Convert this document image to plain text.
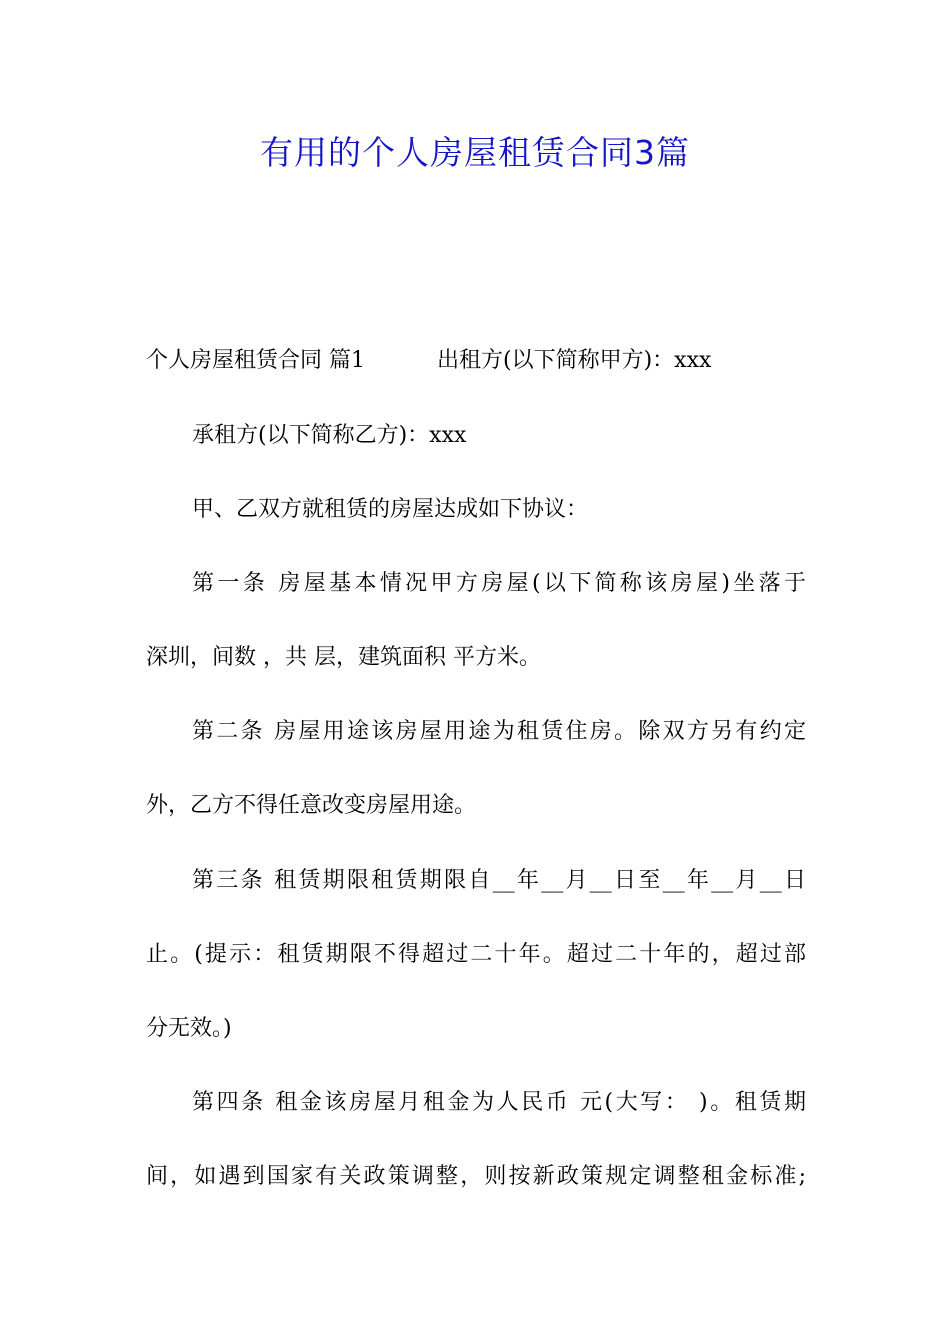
有用的个人房屋租赁合同3篇
个人房屋租赁合同 篇1	出租方(以下简称甲方)：xxx
承租方(以下简称乙方)：xxx
甲、乙双方就租赁的房屋达成如下协议：
第一条 房屋基本情况甲方房屋(以下简称该房屋)坐落于
深圳，间数 ，共 层，建筑面积 平方米。
第二条 房屋用途该房屋用途为租赁住房。除双方另有约定
外，乙方不得任意改变房屋用途。
第三条 租赁期限租赁期限自__年__月__日至__年__月__日
止。(提示：租赁期限不得超过二十年。超过二十年的，超过部
分无效。)
第四条 租金该房屋月租金为人民币 元(大写： )。租赁期
间，如遇到国家有关政策调整，则按新政策规定调整租金标准;
